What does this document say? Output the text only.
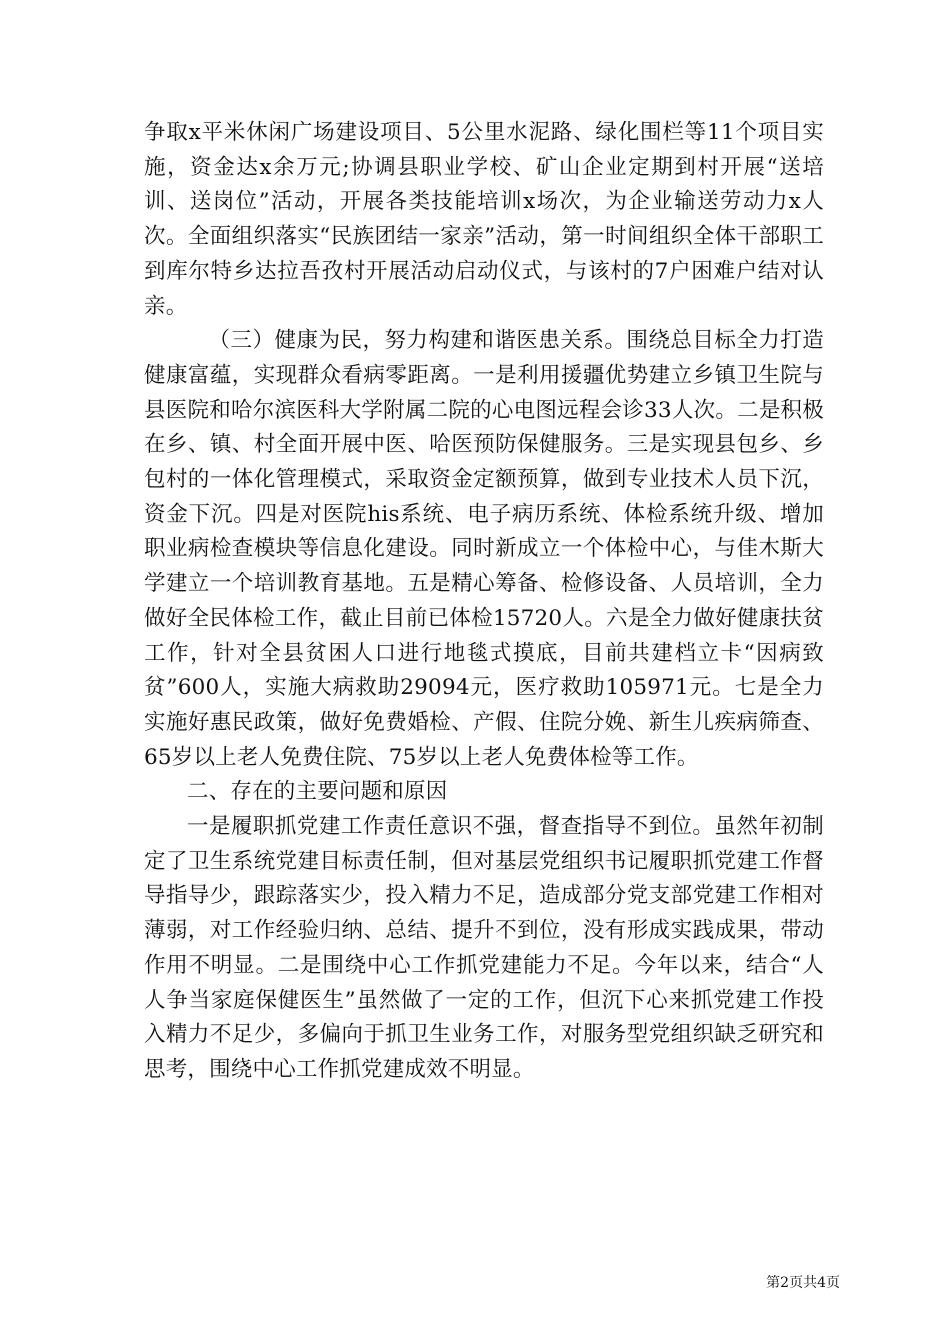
争取x平米休闲广场建设项目、5公里水泥路、绿化围栏等11个项目实施，资金达x余万元;协调县职业学校、矿山企业定期到村开展“送培训、送岗位”活动，开展各类技能培训x场次，为企业输送劳动力x人次。全面组织落实“民族团结一家亲”活动，第一时间组织全体干部职工到库尔特乡达拉吾孜村开展活动启动仪式，与该村的7户困难户结对认亲。

（三）健康为民，努力构建和谐医患关系。围绕总目标全力打造健康富蕴，实现群众看病零距离。一是利用援疆优势建立乡镇卫生院与县医院和哈尔滨医科大学附属二院的心电图远程会诊33人次。二是积极在乡、镇、村全面开展中医、哈医预防保健服务。三是实现县包乡、乡包村的一体化管理模式，采取资金定额预算，做到专业技术人员下沉，资金下沉。四是对医院his系统、电子病历系统、体检系统升级、增加职业病检查模块等信息化建设。同时新成立一个体检中心，与佳木斯大学建立一个培训教育基地。五是精心筹备、检修设备、人员培训，全力做好全民体检工作，截止目前已体检15720人。六是全力做好健康扶贫工作，针对全县贫困人口进行地毯式摸底，目前共建档立卡“因病致贫”600人，实施大病救助29094元，医疗救助105971元。七是全力实施好惠民政策，做好免费婚检、产假、住院分娩、新生儿疾病筛查、65岁以上老人免费住院、75岁以上老人免费体检等工作。

二、存在的主要问题和原因

一是履职抓党建工作责任意识不强，督查指导不到位。虽然年初制定了卫生系统党建目标责任制，但对基层党组织书记履职抓党建工作督导指导少，跟踪落实少，投入精力不足，造成部分党支部党建工作相对薄弱，对工作经验归纳、总结、提升不到位，没有形成实践成果，带动作用不明显。二是围绕中心工作抓党建能力不足。今年以来，结合“人人争当家庭保健医生”虽然做了一定的工作，但沉下心来抓党建工作投入精力不足少，多偏向于抓卫生业务工作，对服务型党组织缺乏研究和思考，围绕中心工作抓党建成效不明显。

第2页共4页
